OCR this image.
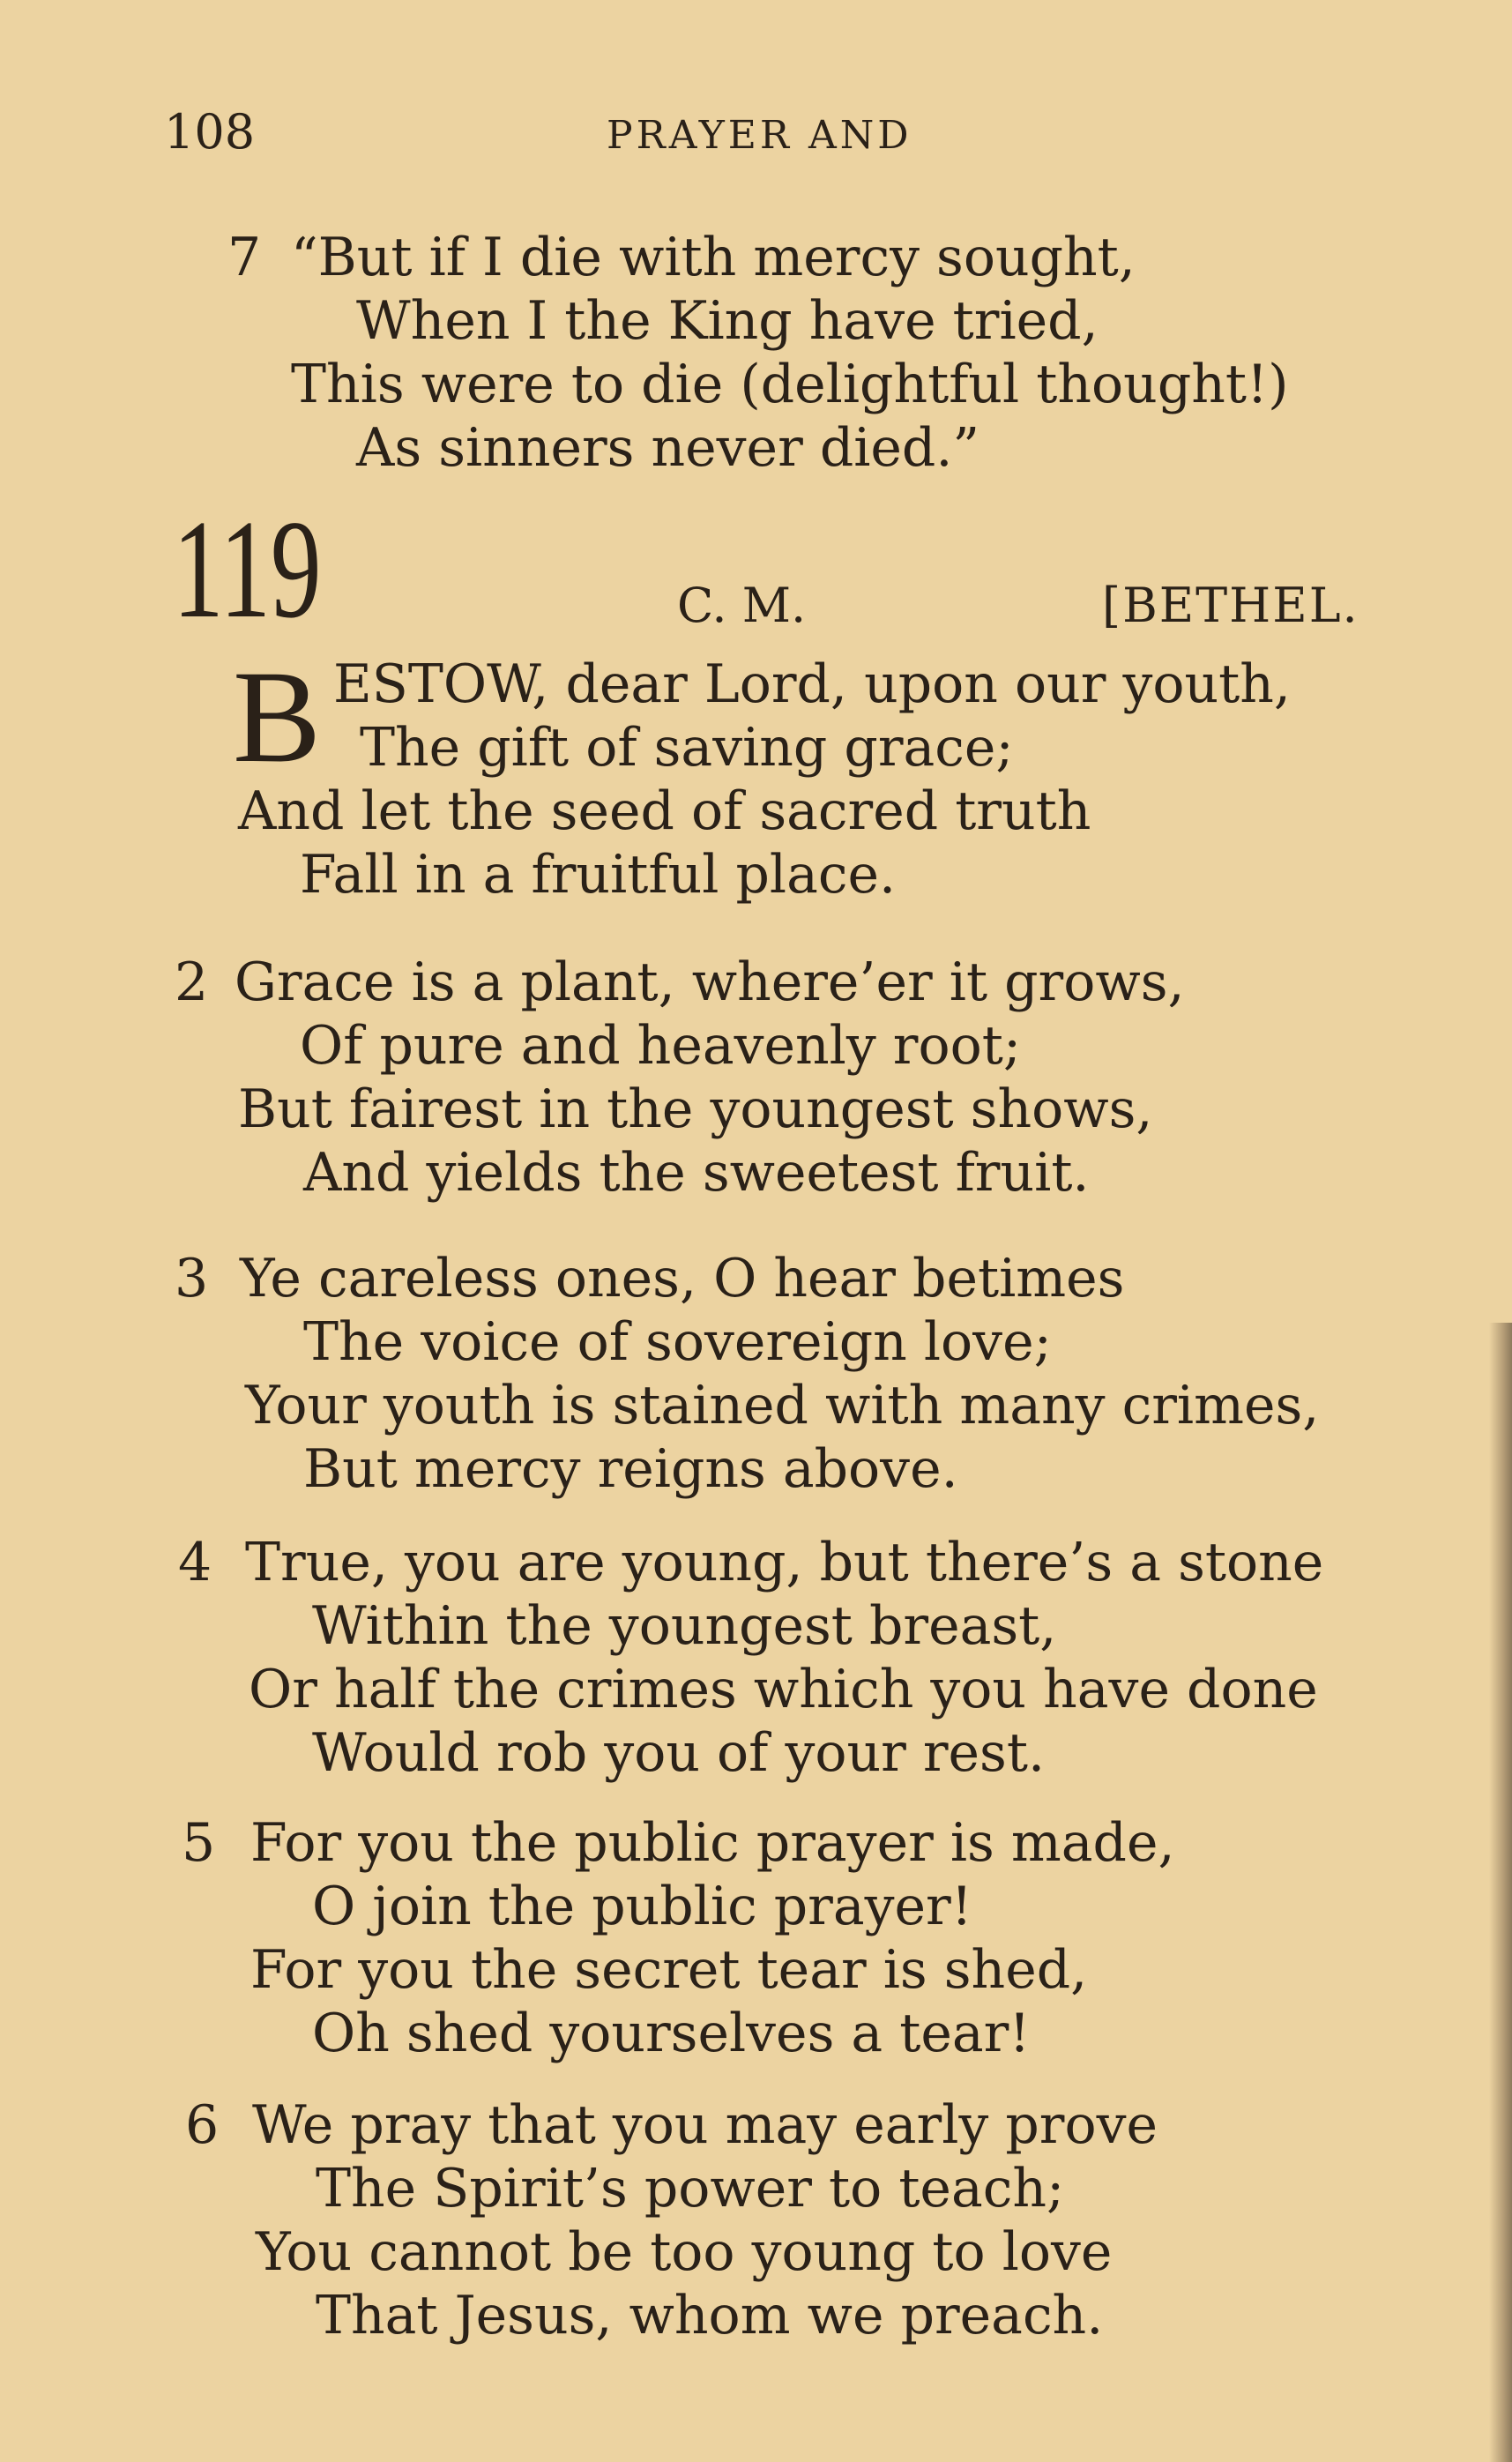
108	PRAYER AND
7 “But if I die with mercy sought,
When I the King have tried,
This were to die (delightful thought!)
As sinners never died.”
119	C. M.	[BETHEL.
B ESTOW, dear Lord, upon our youth,
The gift of saving grace;
And let the seed of sacred truth
Fall in a fruitful place.
2 Grace is a plant, where’er it grows,
Of pure and heavenly root;
But fairest in the youngest shows,
And yields the sweetest fruit.
3 Ye careless ones, O hear betimes
The voice of sovereign love;
Your youth is stained with many crimes,
But mercy reigns above.
4 True, you are young, but there’s a stone
Within the youngest breast,
Or half the crimes which you have done
Would rob you of your rest.
5 For you the public prayer is made,
O join the public prayer!
For you the secret tear is shed,
Oh shed yourselves a tear!
6 We pray that you may early prove
The Spirit’s power to teach;
You cannot be too young to love
That Jesus, whom we preach.
